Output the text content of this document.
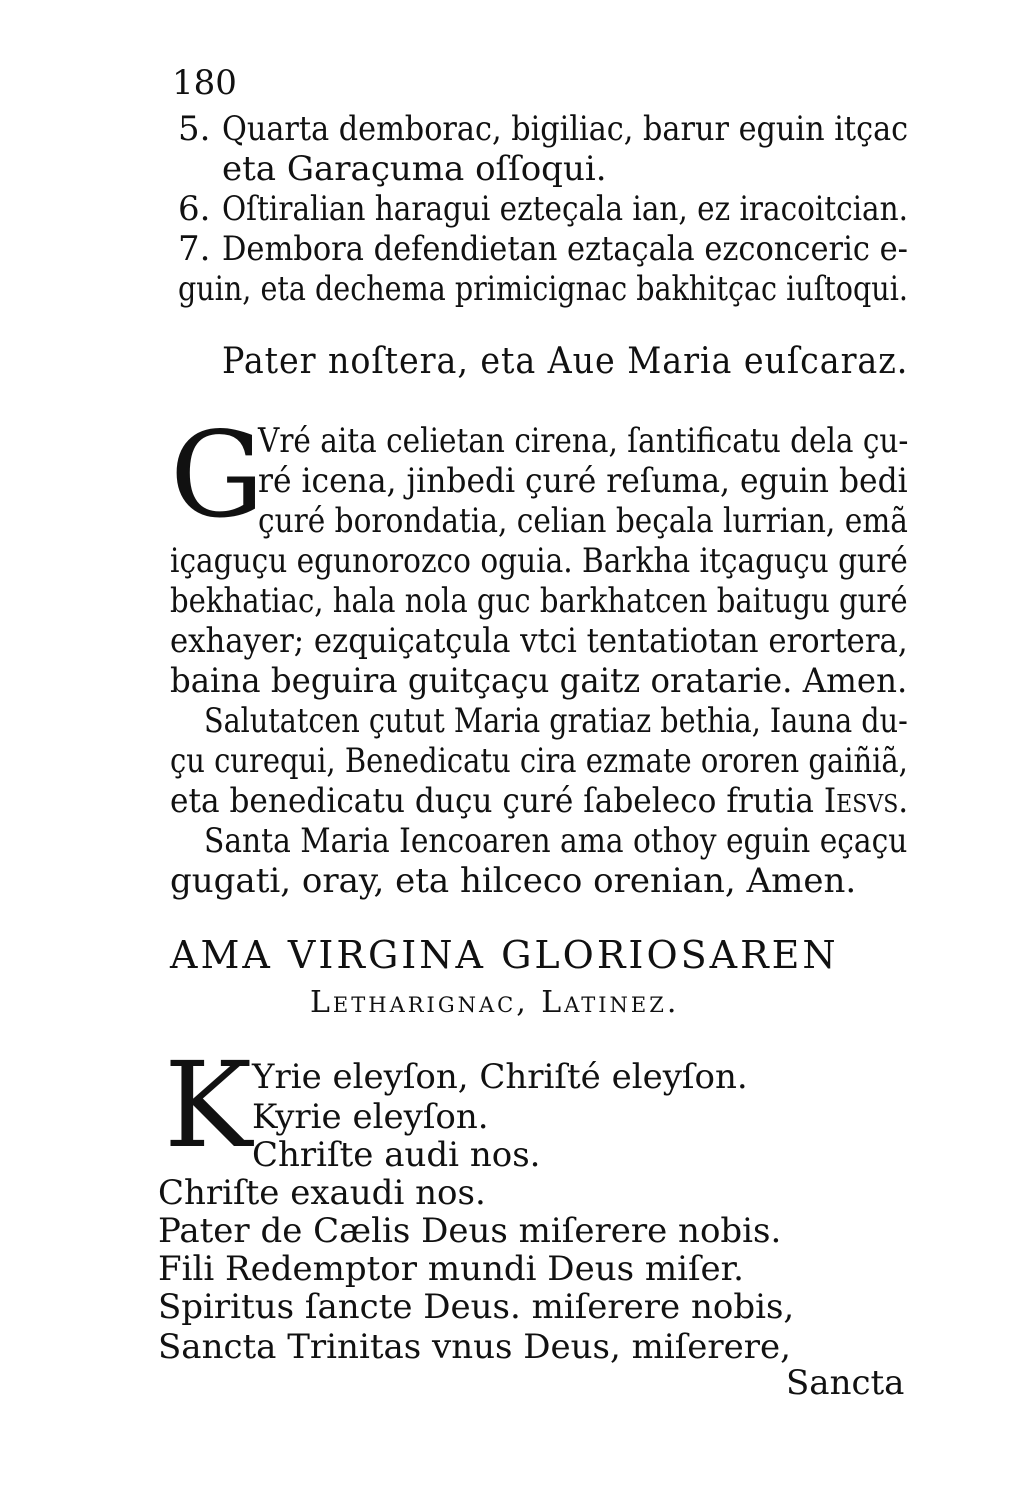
180
5. Quarta demborac, bigiliac, barur eguin itçac
eta Garaçuma oſſoqui.
6. Oſtiralian haragui ezteçala ian, ez iracoitcian.
7. Dembora defendietan eztaçala ezconceric e-
guin, eta dechema primicignac bakhitçac iuſtoqui.
Pater noſtera, eta Aue Maria euſcaraz.
G
Vré aita celietan cirena, ſantificatu dela çu-
ré icena, jinbedi çuré reſuma, eguin bedi
çuré borondatia, celian beçala lurrian, emã
içaguçu egunorozco oguia. Barkha itçaguçu guré
bekhatiac, hala nola guc barkhatcen baitugu guré
exhayer; ezquiçatçula vtci tentatiotan erortera,
baina beguira guitçaçu gaitz oratarie. Amen.
Salutatcen çutut Maria gratiaz bethia, Iauna du-
çu curequi, Benedicatu cira ezmate ororen gaiñiã,
eta benedicatu duçu çuré ſabeleco frutia Iesvs.
Santa Maria Iencoaren ama othoy eguin eçaçu
gugati, oray, eta hilceco orenian, Amen.
AMA VIRGINA GLORIOSAREN
Letharignac, Latinez.
K Yrie eleyſon, Chriſté eleyſon.
Kyrie eleyſon.
Chriſte audi nos.
Chriſte exaudi nos.
Pater de Cælis Deus miſerere nobis.
Fili Redemptor mundi Deus miſer.
Spiritus ſancte Deus. miſerere nobis,
Sancta Trinitas vnus Deus, miſerere,
Sancta
